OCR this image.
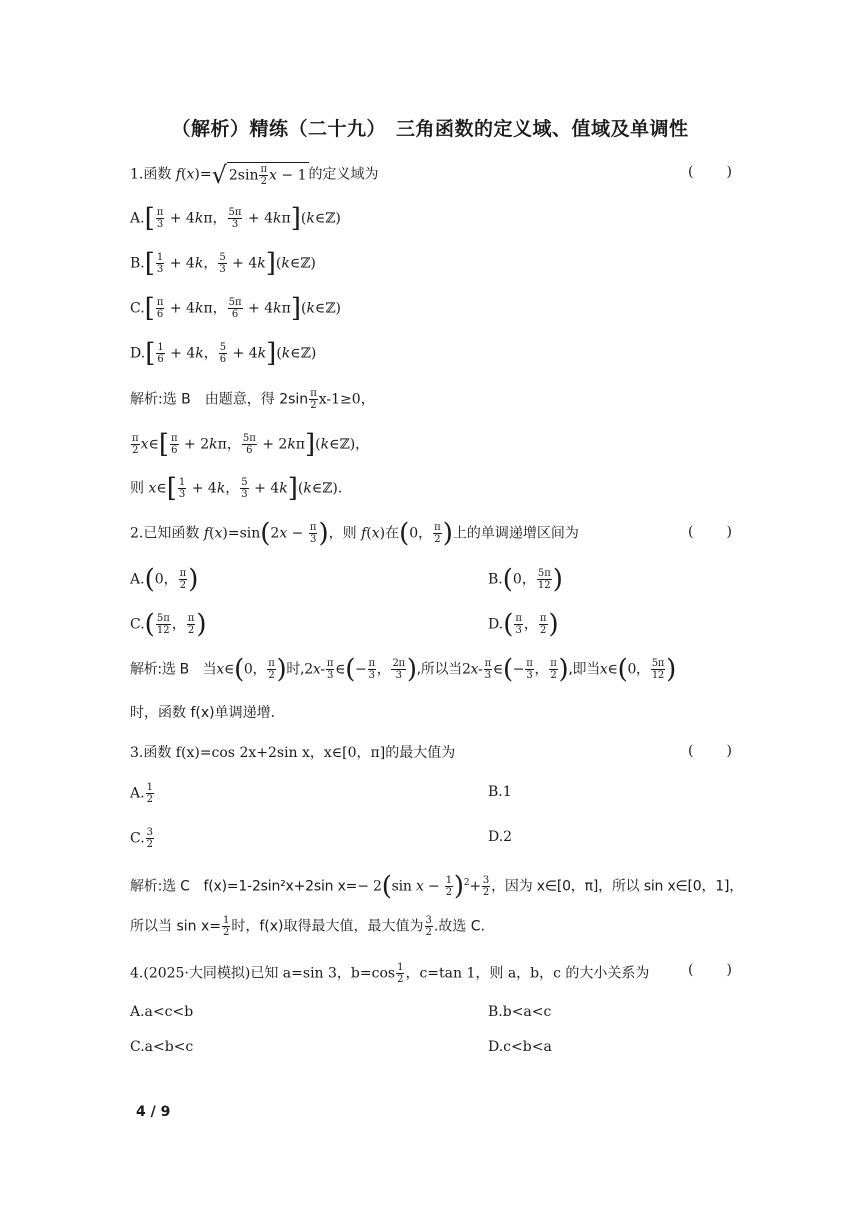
（解析）精练（二十九）　三角函数的定义域、值域及单调性
1.函数 f(x)= √ $2\sin \frac{\pi}{2}$ x − 1 的定义域为	( )
$A.[ \frac{\pi}{3} + 4k\pi$， $\frac{5\pi}{3}$ + 4kπ](k∈ℤ)
$B.[ \frac{1}{3} + 4k$， $\frac{5}{3}$ + 4k](k∈ℤ)
$C.[ \frac{\pi}{6} + 4k\pi$， $\frac{5\pi}{6}$ + 4kπ](k∈ℤ)
$D.[ \frac{1}{6} + 4k$， $\frac{5}{6}$ + 4k](k∈ℤ)
解析:选 B　由题意，得 $2\sin \frac{\pi}{2} x-1\ge 0$，
$\frac{\pi}{2}$ x∈[ $\frac{\pi}{6} + 2k\pi$， $\frac{5\pi}{6}$ + 2kπ](k∈ℤ)，
则 x∈[ $\frac{1}{3} + 4k$， $\frac{5}{3}$ + 4k](k∈ℤ).
2.已知函数 $f(x)=\sin(2x - \frac{\pi}{3}$ )，则 f(x)在(0， $\frac{\pi}{2}$ )上的单调递增区间为	( )
A.(0， $\frac{\pi}{2}$ )	B.(0， $\frac{5\pi}{12}$ )
$C.( \frac{5\pi}{12}$ ， $\frac{\pi}{2}$ )	$D.( \frac{\pi}{3}$ ， $\frac{\pi}{2}$ )
解析:选 B　当x∈(0， $\frac{\pi}{2}$ )时$,2x- \frac{\pi}{3}$ ∈(− $\frac{\pi}{3}$ ， $\frac{2\pi}{3}$ ),所以当$2x- \frac{\pi}{3}$ ∈(− $\frac{\pi}{3}$ ， $\frac{\pi}{2}$ ),即当x∈(0， $\frac{5\pi}{12}$ )
时，函数 f(x)单调递增.
3.函数 f(x)=cos 2x+2sin x，x∈[0，π]的最大值为	( )
A. $\frac{1}{2}$	B.1
C. $\frac{3}{2}$	D.2
解析:选 C　f(x)=1-2sin²x+2sin x=− 2(sin $x - \frac{1}{2} )^2+ \frac{3}{2}$ ，因为 x∈[0，π]，所以 sin x∈[0，1]，
所以当 $\sin x= \frac{1}{2}$ 时，f(x)取得最大值，最大值为 $\frac{3}{2}$ .故选 C.
4.(2025·大同模拟)已知 a=sin 3，$b=\cos \frac{1}{2}$ ，c=tan 1，则 a，b，c 的大小关系为	( )
A.a<c<b	B.b<a<c
C.a<b<c	D.c<b<a
4 / 9
